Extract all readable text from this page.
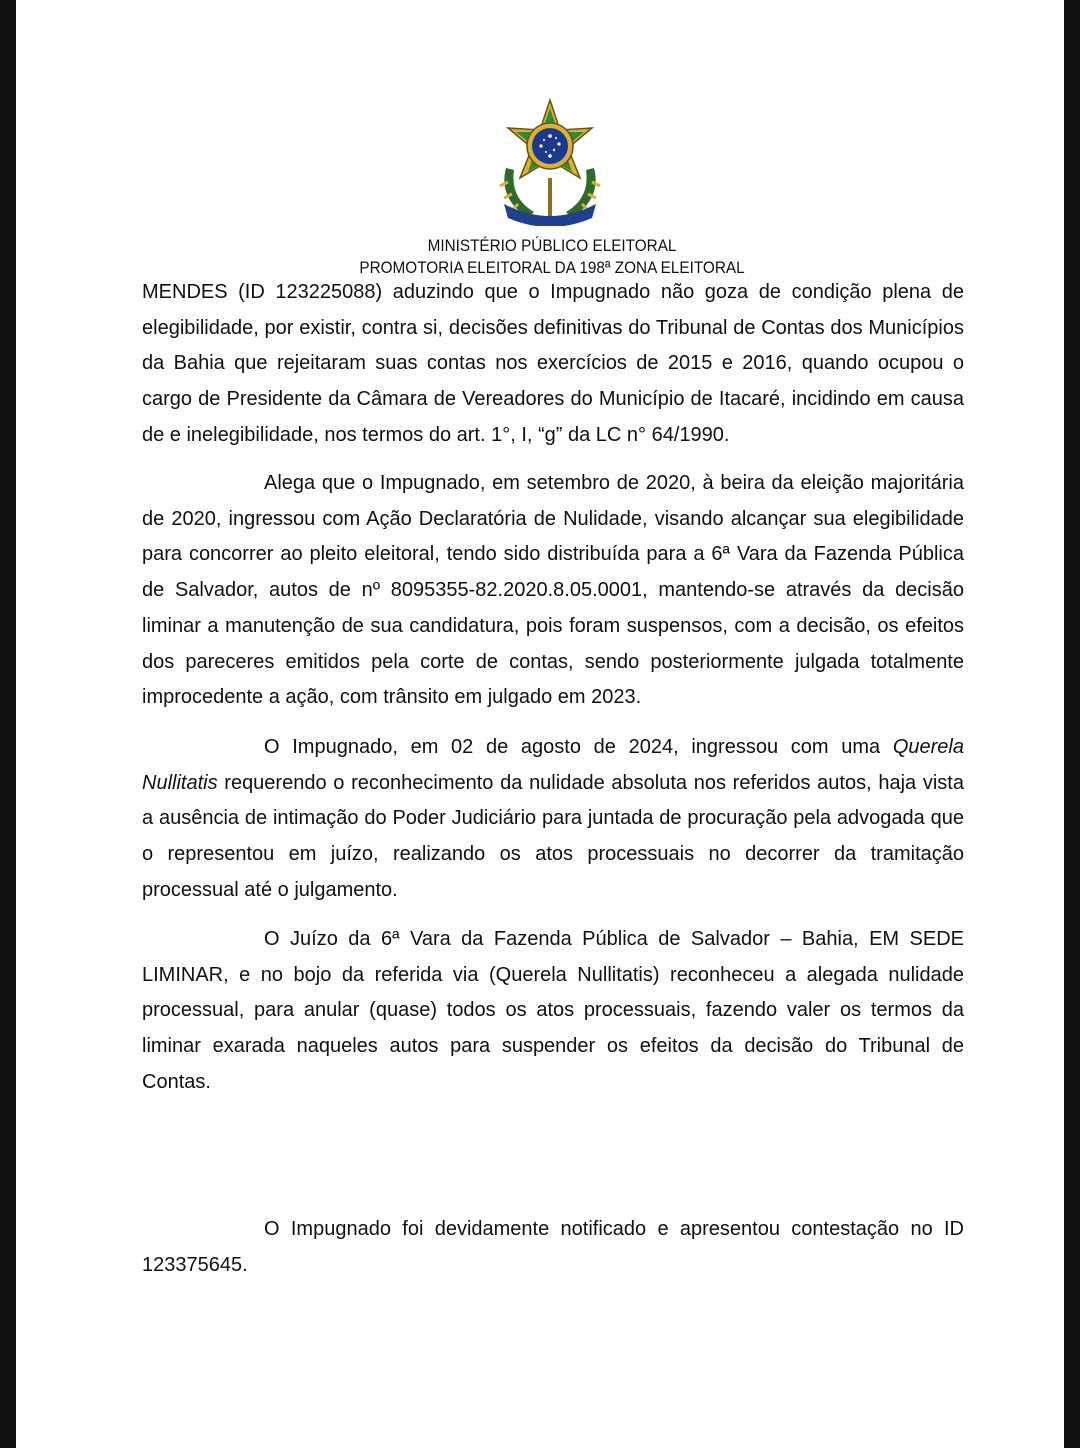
MINISTÉRIO PÚBLICO ELEITORAL
PROMOTORIA ELEITORAL DA 198ª ZONA ELEITORAL

MENDES (ID 123225088) aduzindo que o Impugnado não goza de condição plena de elegibilidade, por existir, contra si, decisões definitivas do Tribunal de Contas dos Municípios da Bahia que rejeitaram suas contas nos exercícios de 2015 e 2016, quando ocupou o cargo de Presidente da Câmara de Vereadores do Município de Itacaré, incidindo em causa de e inelegibilidade, nos termos do art. 1°, I, “g” da LC n° 64/1990.

Alega que o Impugnado, em setembro de 2020, à beira da eleição majoritária de 2020, ingressou com Ação Declaratória de Nulidade, visando alcançar sua elegibilidade para concorrer ao pleito eleitoral, tendo sido distribuída para a 6ª Vara da Fazenda Pública de Salvador, autos de nº 8095355-82.2020.8.05.0001, mantendo-se através da decisão liminar a manutenção de sua candidatura, pois foram suspensos, com a decisão, os efeitos dos pareceres emitidos pela corte de contas, sendo posteriormente julgada totalmente improcedente a ação, com trânsito em julgado em 2023.

O Impugnado, em 02 de agosto de 2024, ingressou com uma Querela Nullitatis requerendo o reconhecimento da nulidade absoluta nos referidos autos, haja vista a ausência de intimação do Poder Judiciário para juntada de procuração pela advogada que o representou em juízo, realizando os atos processuais no decorrer da tramitação processual até o julgamento.

O Juízo da 6ª Vara da Fazenda Pública de Salvador – Bahia, EM SEDE LIMINAR, e no bojo da referida via (Querela Nullitatis) reconheceu a alegada nulidade processual, para anular (quase) todos os atos processuais, fazendo valer os termos da liminar exarada naqueles autos para suspender os efeitos da decisão do Tribunal de Contas.

O Impugnado foi devidamente notificado e apresentou contestação no ID 123375645.
